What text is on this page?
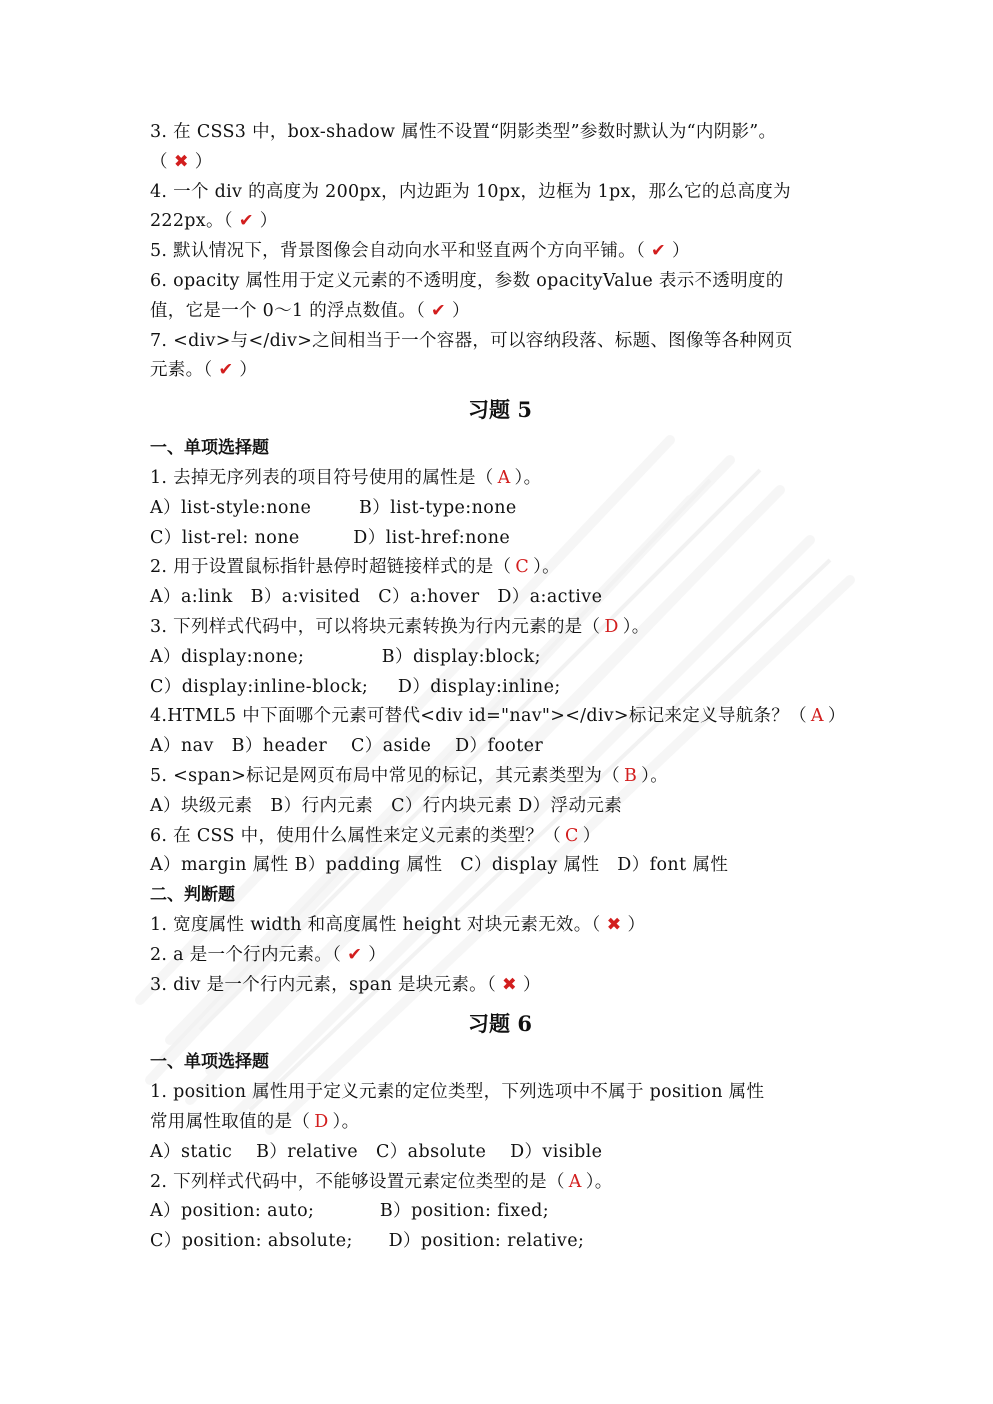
3. 在 CSS3 中，box-shadow 属性不设置“阴影类型”参数时默认为“内阴影”。
（ ✖ ）
4. 一个 div 的高度为 200px，内边距为 10px，边框为 1px，那么它的总高度为
222px。（ ✔ ）
5. 默认情况下，背景图像会自动向水平和竖直两个方向平铺。（ ✔ ）
6. opacity 属性用于定义元素的不透明度，参数 opacityValue 表示不透明度的
值，它是一个 0～1 的浮点数值。（ ✔ ）
7. <div>与</div>之间相当于一个容器，可以容纳段落、标题、图像等各种网页
元素。（ ✔ ）
习题 5
一、单项选择题
1. 去掉无序列表的项目符号使用的属性是（ A ）。
A）list-style:none        B）list-type:none
C）list-rel: none         D）list-href:none
2. 用于设置鼠标指针悬停时超链接样式的是（ C ）。
A）a:link   B）a:visited   C）a:hover   D）a:active
3. 下列样式代码中，可以将块元素转换为行内元素的是（ D ）。
A）display:none;             B）display:block;
C）display:inline-block;     D）display:inline;
4.HTML5 中下面哪个元素可替代<div id="nav"></div>标记来定义导航条？（ A ）
A）nav   B）header    C）aside    D）footer
5. <span>标记是网页布局中常见的标记，其元素类型为（ B ）。
A）块级元素   B）行内元素   C）行内块元素 D）浮动元素
6. 在 CSS 中，使用什么属性来定义元素的类型？（ C ）
A）margin 属性 B）padding 属性   C）display 属性   D）font 属性
二、判断题
1. 宽度属性 width 和高度属性 height 对块元素无效。（ ✖ ）
2. a 是一个行内元素。（ ✔ ）
3. div 是一个行内元素，span 是块元素。（ ✖ ）
习题 6
一、单项选择题
1. position 属性用于定义元素的定位类型，下列选项中不属于 position 属性
常用属性取值的是（ D ）。
A）static    B）relative   C）absolute    D）visible
2. 下列样式代码中，不能够设置元素定位类型的是（ A ）。
A）position: auto;           B）position: fixed;
C）position: absolute;      D）position: relative;
